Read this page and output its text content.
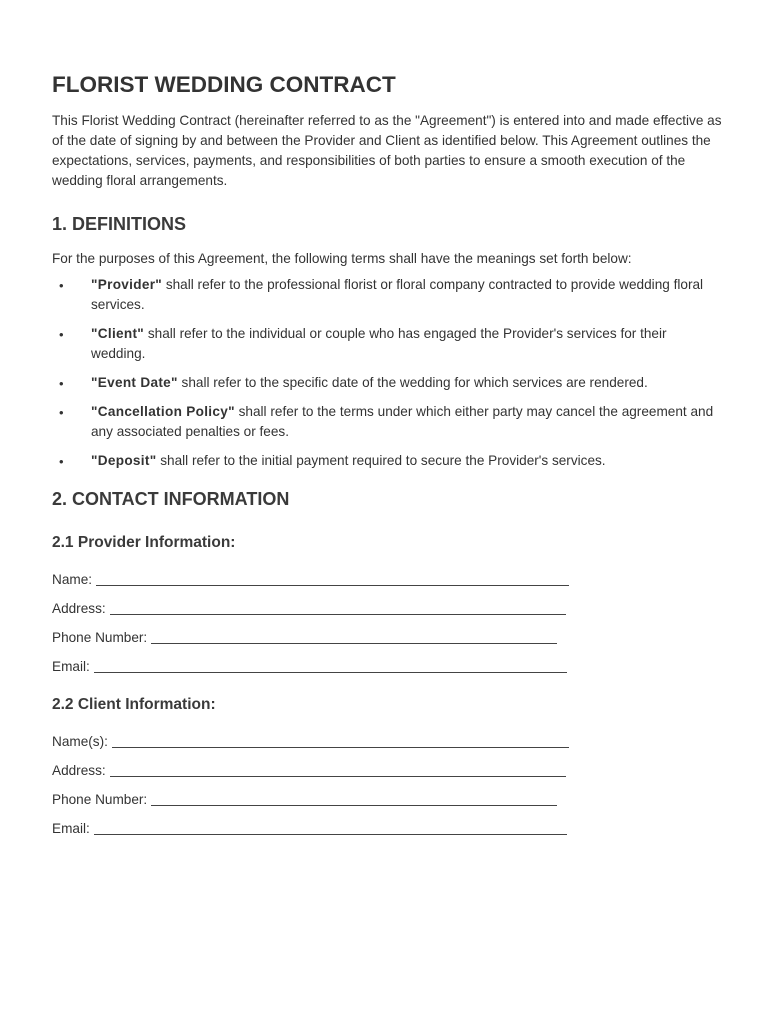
FLORIST WEDDING CONTRACT

This Florist Wedding Contract (hereinafter referred to as the "Agreement") is entered into and made effective as of the date of signing by and between the Provider and Client as identified below. This Agreement outlines the expectations, services, payments, and responsibilities of both parties to ensure a smooth execution of the wedding floral arrangements.

1. DEFINITIONS

For the purposes of this Agreement, the following terms shall have the meanings set forth below:

• "Provider" shall refer to the professional florist or floral company contracted to provide wedding floral services.
• "Client" shall refer to the individual or couple who has engaged the Provider's services for their wedding.
• "Event Date" shall refer to the specific date of the wedding for which services are rendered.
• "Cancellation Policy" shall refer to the terms under which either party may cancel the agreement and any associated penalties or fees.
• "Deposit" shall refer to the initial payment required to secure the Provider's services.
2. CONTACT INFORMATION
2.1 Provider Information:
Name:
Address:
Phone Number:
Email:
2.2 Client Information:
Name(s):
Address:
Phone Number:
Email:
